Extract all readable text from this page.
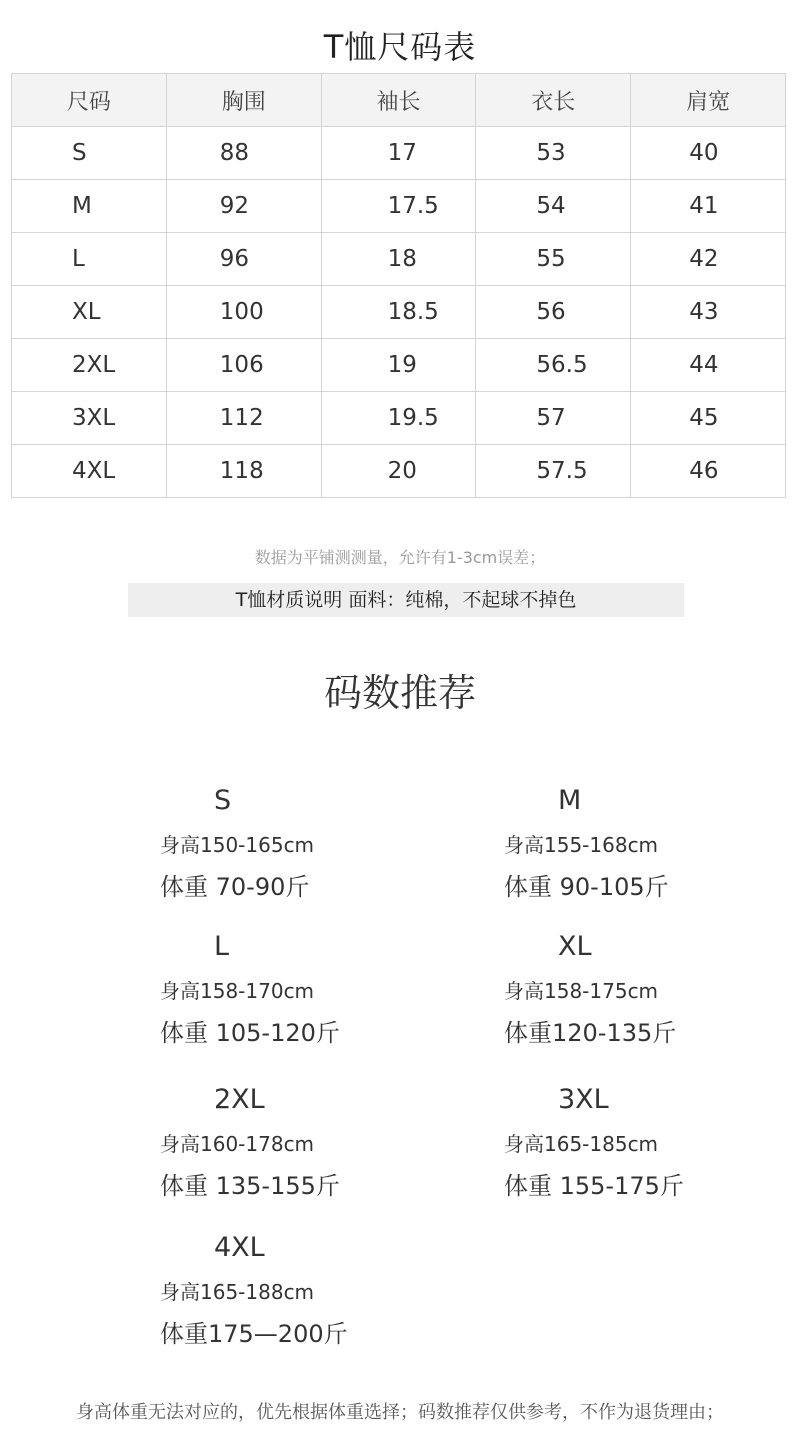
T恤尺码表
尺码	胸围	袖长	衣长	肩宽
S	88	17	53	40
M	92	17.5	54	41
L	96	18	55	42
XL	100	18.5	56	43
2XL	106	19	56.5	44
3XL	112	19.5	57	45
4XL	118	20	57.5	46
数据为平铺测测量，允许有1-3cm误差；
T恤材质说明 面料：纯棉，不起球不掉色
码数推荐
S
身高150-165cm
体重 70-90斤
M
身高155-168cm
体重 90-105斤
L
身高158-170cm
体重 105-120斤
XL
身高158-175cm
体重120-135斤
2XL
身高160-178cm
体重 135-155斤
3XL
身高165-185cm
体重 155-175斤
4XL
身高165-188cm
体重175—200斤
身高体重无法对应的，优先根据体重选择；码数推荐仅供参考，不作为退货理由；
